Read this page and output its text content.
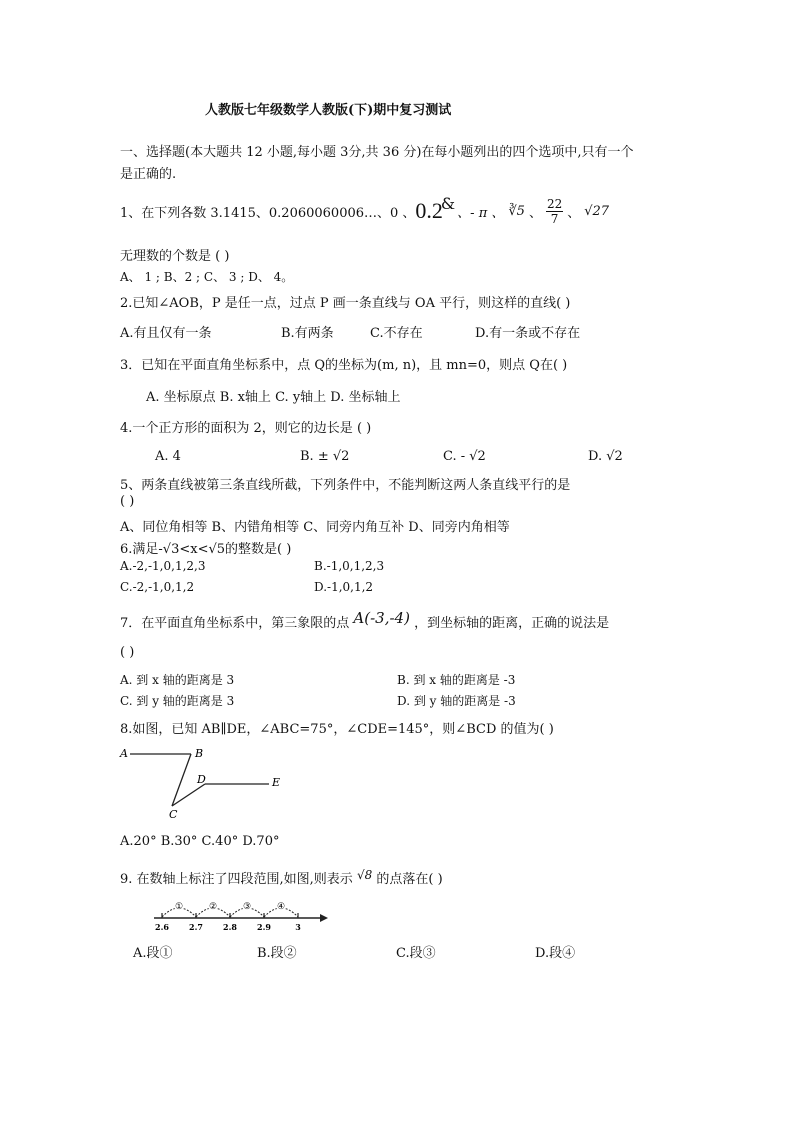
人教版七年级数学人教版(下)期中复习测试
一、选择题(本大题共 12 小题,每小题 3分,共 36 分)在每小题列出的四个选项中,只有一个
是正确的.
1、在下列各数 3.1415、0.2060060006…、0 、 0.2
&
、- π 、 ∛5 、 $\frac{22}{7}$ 、 √27
无理数的个数是 ( )
A、 1 ; B、2 ; C、 3 ; D、 4。
2.已知∠AOB，P 是任一点，过点 P 画一条直线与 OA 平行，则这样的直线( )
A.有且仅有一条	B.有两条	C.不存在	D.有一条或不存在
3．已知在平面直角坐标系中，点 Q的坐标为(m, n)，且 mn=0，则点 Q在( )
A. 坐标原点 B. x轴上 C. y轴上 D. 坐标轴上
4.一个正方形的面积为 2，则它的边长是 ( )
A. 4	B. ± √2	C. - √2	D. √2
5、两条直线被第三条直线所截，下列条件中，不能判断这两人条直线平行的是
( )
A、同位角相等 B、内错角相等 C、同旁内角互补 D、同旁内角相等
6.满足-√3<x<√5的整数是( )
A.-2,-1,0,1,2,3	B.-1,0,1,2,3
C.-2,-1,0,1,2	D.-1,0,1,2
7．在平面直角坐标系中，第三象限的点 A(-3,-4) ，到坐标轴的距离，正确的说法是
( )
A. 到 x 轴的距离是 3	B. 到 x 轴的距离是 -3
C. 到 y 轴的距离是 3	D. 到 y 轴的距离是 -3
8.如图，已知 AB∥DE，∠ABC=75°，∠CDE=145°，则∠BCD 的值为( )
A	B
C
D	E
A.20° B.30° C.40° D.70°
9. 在数轴上标注了四段范围,如图,则表示 √8 的点落在( )
2.6	2.7	2.8	2.9	3
①	②	③	④
A.段①	B.段②	C.段③	D.段④
